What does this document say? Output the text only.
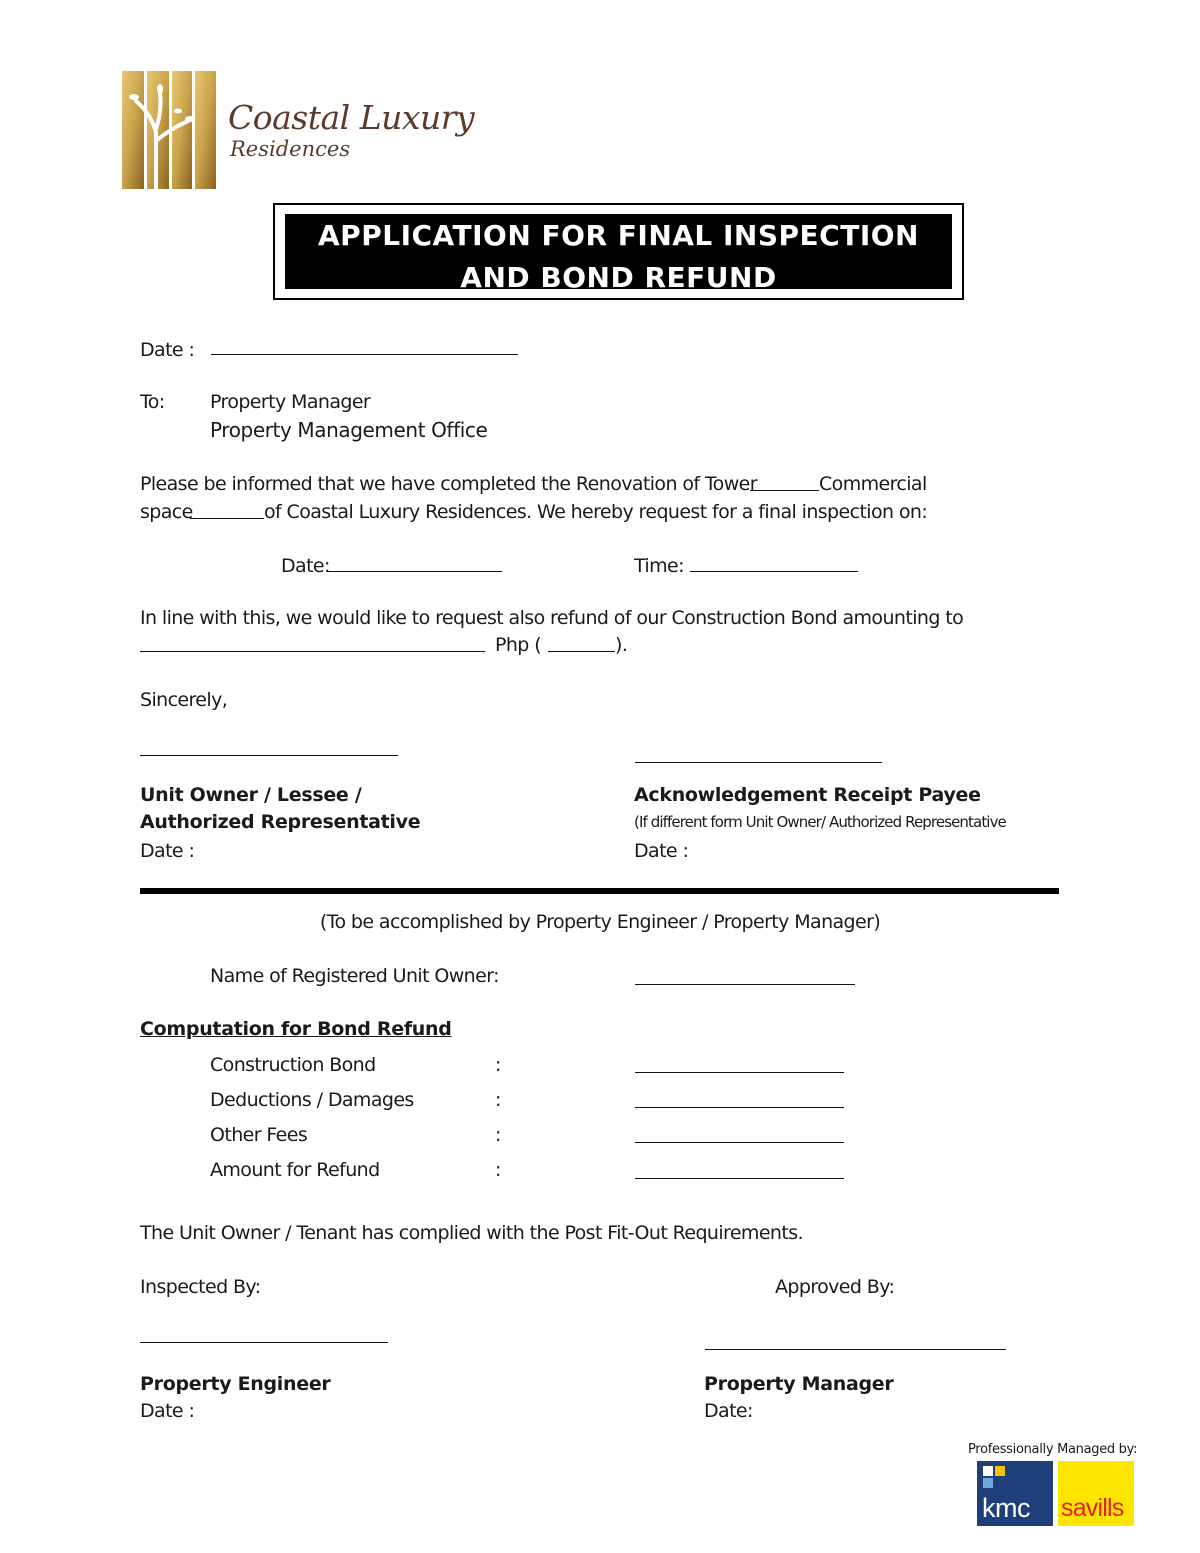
Coastal Luxury
Residences
APPLICATION FOR FINAL INSPECTION
AND BOND REFUND
Date :
To: Property Manager
Property Management Office
Please be informed that we have completed the Renovation of Tower	Commercial
space	of Coastal Luxury Residences. We hereby request for a final inspection on:
Date:	Time:
In line with this, we would like to request also refund of our Construction Bond amounting to
Php (	).
Sincerely,
Unit Owner / Lessee /
Authorized Representative
Date :
Acknowledgement Receipt Payee
(If different form Unit Owner/ Authorized Representative
Date :
(To be accomplished by Property Engineer / Property Manager)
Name of Registered Unit Owner:
Computation for Bond Refund
Construction Bond	:
Deductions / Damages	:
Other Fees	:
Amount for Refund	:
The Unit Owner / Tenant has complied with the Post Fit-Out Requirements.
Inspected By:	Approved By:
Property Engineer
Date :
Property Manager
Date:
Professionally Managed by:
kmc savills
